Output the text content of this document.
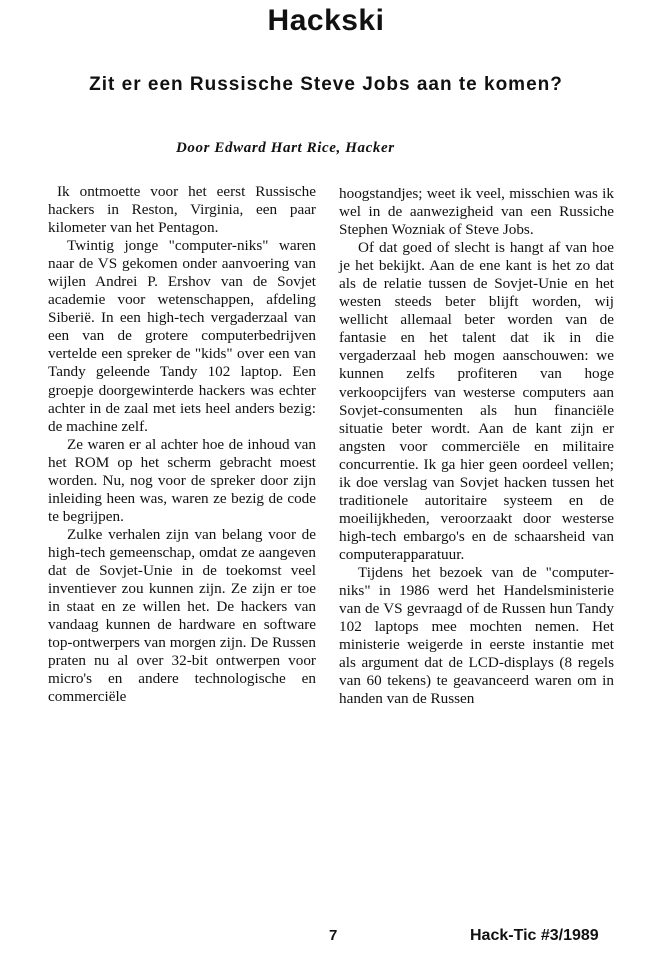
Hackski
Zit er een Russische Steve Jobs aan te komen?
Door Edward Hart Rice, Hacker

Ik ontmoette voor het eerst Russische hackers in Reston, Virginia, een paar kilometer van het Pentagon.

Twintig jonge "computer-niks" waren naar de VS gekomen onder aanvoering van wijlen Andrei P. Ershov van de Sovjet academie voor wetenschappen, afdeling Siberië. In een high-tech vergaderzaal van een van de grotere computerbedrijven vertelde een spreker de "kids" over een van Tandy geleende Tandy 102 laptop. Een groepje doorgewinterde hackers was echter achter in de zaal met iets heel anders bezig: de machine zelf.

Ze waren er al achter hoe de inhoud van het ROM op het scherm gebracht moest worden. Nu, nog voor de spreker door zijn inleiding heen was, waren ze bezig de code te begrijpen.

Zulke verhalen zijn van belang voor de high-tech gemeenschap, omdat ze aangeven dat de Sovjet-Unie in de toekomst veel inventiever zou kunnen zijn. Ze zijn er toe in staat en ze willen het. De hackers van vandaag kunnen de hardware en software top-ontwerpers van morgen zijn. De Russen praten nu al over 32-bit ontwerpen voor micro's en andere technologische en commerciële

hoogstandjes; weet ik veel, misschien was ik wel in de aanwezigheid van een Russiche Stephen Wozniak of Steve Jobs.

Of dat goed of slecht is hangt af van hoe je het bekijkt. Aan de ene kant is het zo dat als de relatie tussen de Sovjet-Unie en het westen steeds beter blijft worden, wij wellicht allemaal beter worden van de fantasie en het talent dat ik in die vergaderzaal heb mogen aanschouwen: we kunnen zelfs profiteren van hoge verkoopcijfers van westerse computers aan Sovjet-consumenten als hun financiële situatie beter wordt. Aan de kant zijn er angsten voor commerciële en militaire concurrentie. Ik ga hier geen oordeel vellen; ik doe verslag van Sovjet hacken tussen het traditionele autoritaire systeem en de moeilijkheden, veroorzaakt door westerse high-tech embargo's en de schaarsheid van computerapparatuur.

Tijdens het bezoek van de "computer-niks" in 1986 werd het Handelsministerie van de VS gevraagd of de Russen hun Tandy 102 laptops mee mochten nemen. Het ministerie weigerde in eerste instantie met als argument dat de LCD-displays (8 regels van 60 tekens) te geavanceerd waren om in handen van de Russen

7	Hack-Tic #3/1989
